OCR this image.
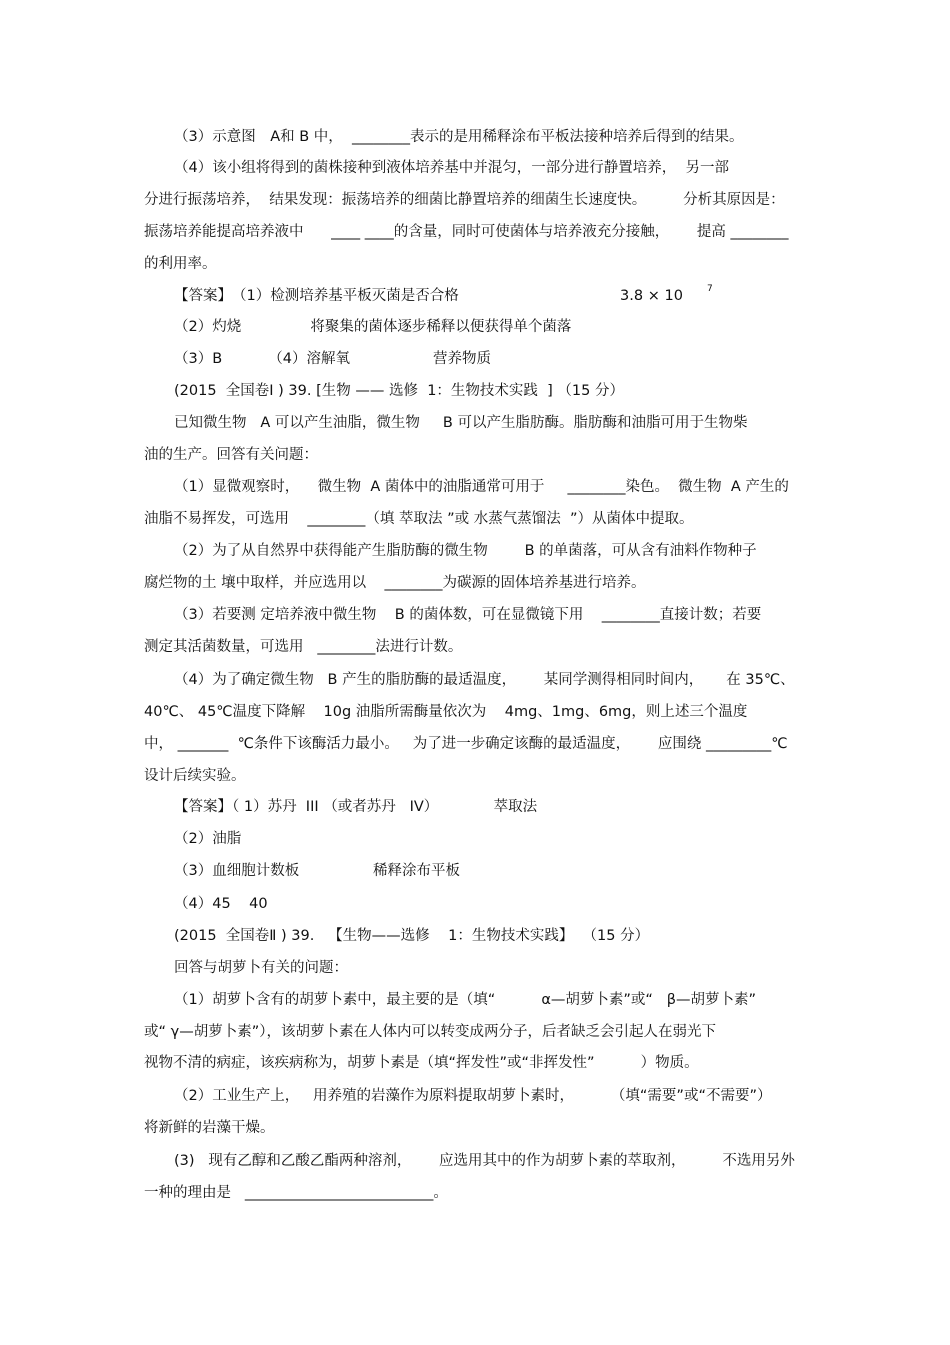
（3）示意图　A和 B 中，  ________表示的是用稀释涂布平板法接种培养后得到的结果。
（4）该小组将得到的菌株接种到液体培养基中并混匀，一部分进行静置培养，  另一部
分进行振荡培养，  结果发现：振荡培养的细菌比静置培养的细菌生长速度快。        分析其原因是：
振荡培养能提高培养液中      ____ ____的含量，同时可使菌体与培养液充分接触，      提高 ________
的利用率。
【答案】　（1）检测培养基平板灭菌是否合格                                   3.8 × 10	7
（2）灼烧               将聚集的菌体逐步稀释以便获得单个菌落
（3）B          （4）溶解氧                  营养物质
(2015  全国卷Ⅰ ) 39. [生物 —— 选修  1：生物技术实践  ] （15 分）
已知微生物   A 可以产生油脂，微生物     B 可以产生脂肪酶。脂肪酶和油脂可用于生物柴
油的生产。回答有关问题：
（1）显微观察时，    微生物  A 菌体中的油脂通常可用于     ________染色。  微生物  A 产生的
油脂不易挥发，可选用    ________（填 萃取法 ”或 水蒸气蒸馏法  ”）从菌体中提取。
（2）为了从自然界中获得能产生脂肪酶的微生物        B 的单菌落，可从含有油料作物种子
腐烂物的土 壤中取样，并应选用以    ________为碳源的固体培养基进行培养。
（3）若要测 定培养液中微生物    B 的菌体数，可在显微镜下用    ________直接计数；若要
测定其活菌数量，可选用   ________法进行计数。
（4）为了确定微生物   B 产生的脂肪酶的最适温度，      某同学测得相同时间内，     在 35℃、
40℃、 45℃温度下降解    10g 油脂所需酶量依次为    4mg、1mg、6mg，则上述三个温度
中， _______  ℃条件下该酶活力最小。   为了进一步确定该酶的最适温度，      应围绕 _________℃
设计后续实验。
【答案】（ 1）苏丹  III （或者苏丹   IV）            萃取法
（2）油脂
（3）血细胞计数板                稀释涂布平板
（4）45    40
(2015  全国卷Ⅱ ) 39.   【生物——选修    1：生物技术实践】  （15 分）
回答与胡萝卜有关的问题：
（1）胡萝卜含有的胡萝卜素中，最主要的是（填“          α—胡萝卜素”或“   β—胡萝卜素”
或“ γ—胡萝卜素”），该胡萝卜素在人体内可以转变成两分子，后者缺乏会引起人在弱光下
视物不清的病症，该疾病称为，胡萝卜素是（填“挥发性”或“非挥发性”          ）物质。
（2）工业生产上，   用养殖的岩藻作为原料提取胡萝卜素时，        （填“需要”或“不需要”）
将新鲜的岩藻干燥。
(3)   现有乙醇和乙酸乙酯两种溶剂，      应选用其中的作为胡萝卜素的萃取剂，        不选用另外
一种的理由是   __________________________。
